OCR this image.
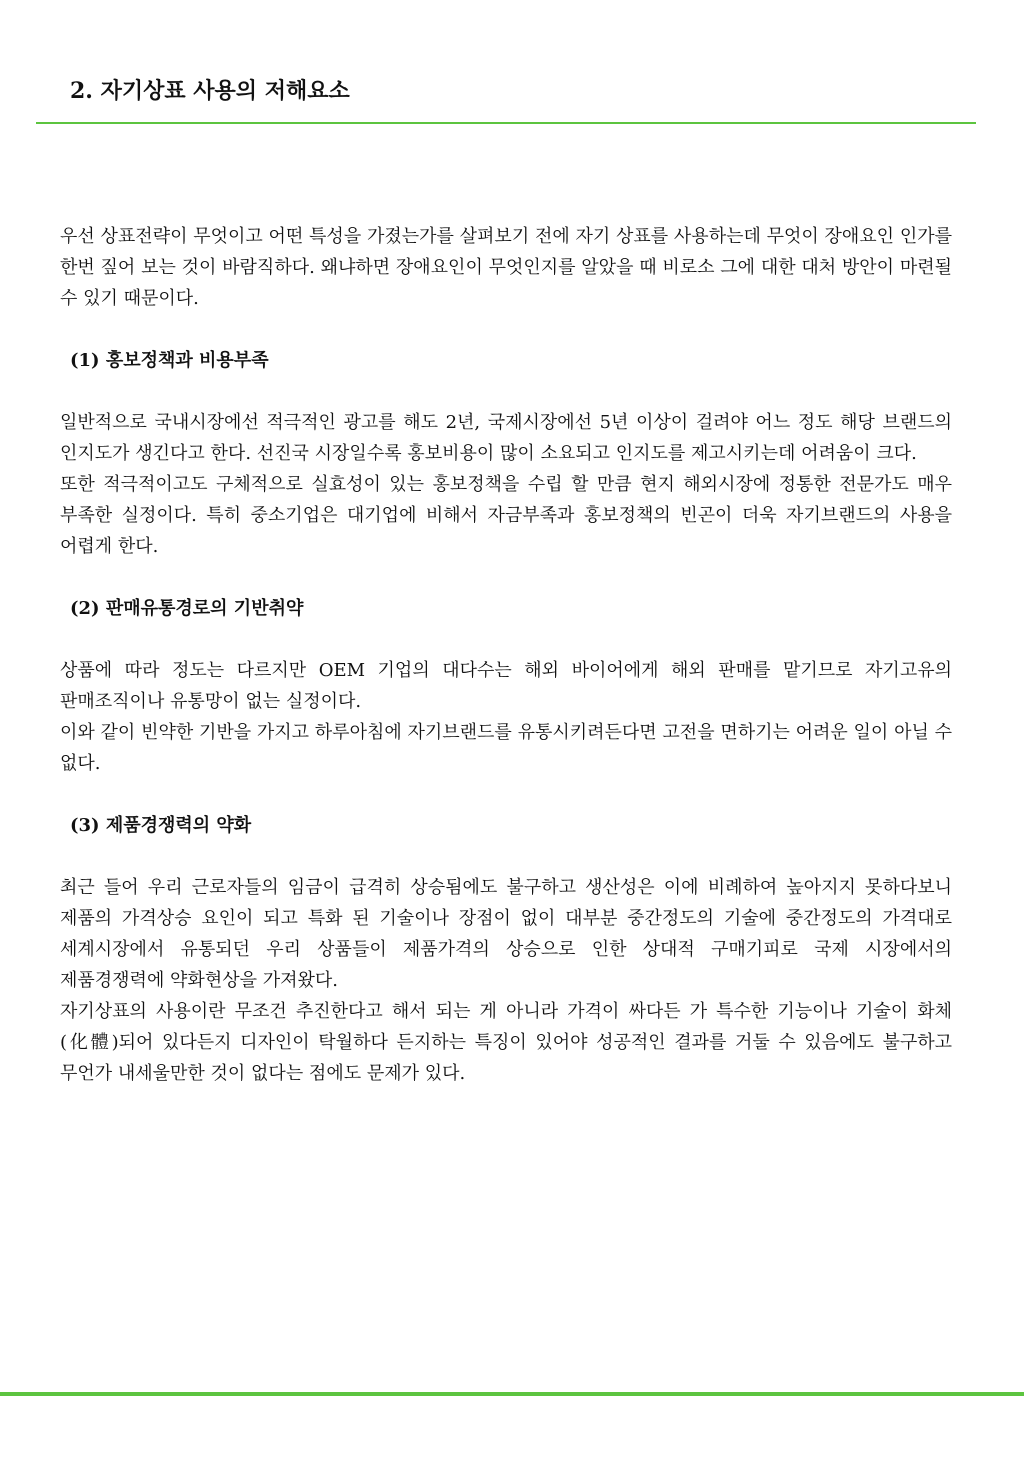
2. 자기상표 사용의 저해요소

우선 상표전략이 무엇이고 어떤 특성을 가졌는가를 살펴보기 전에 자기 상표를 사용하는데 무엇이 장애요인 인가를 한번 짚어 보는 것이 바람직하다. 왜냐하면 장애요인이 무엇인지를 알았을 때 비로소 그에 대한 대처 방안이 마련될 수 있기 때문이다.

(1) 홍보정책과 비용부족

일반적으로 국내시장에선 적극적인 광고를 해도 2년, 국제시장에선 5년 이상이 걸려야 어느 정도 해당 브랜드의 인지도가 생긴다고 한다. 선진국 시장일수록 홍보비용이 많이 소요되고 인지도를 제고시키는데 어려움이 크다.

또한 적극적이고도 구체적으로 실효성이 있는 홍보정책을 수립 할 만큼 현지 해외시장에 정통한 전문가도 매우 부족한 실정이다. 특히 중소기업은 대기업에 비해서 자금부족과 홍보정책의 빈곤이 더욱 자기브랜드의 사용을 어렵게 한다.

(2) 판매유통경로의 기반취약

상품에 따라 정도는 다르지만 OEM 기업의 대다수는 해외 바이어에게 해외 판매를 맡기므로 자기고유의 판매조직이나 유통망이 없는 실정이다.

이와 같이 빈약한 기반을 가지고 하루아침에 자기브랜드를 유통시키려든다면 고전을 면하기는 어려운 일이 아닐 수 없다.

(3) 제품경쟁력의 약화

최근 들어 우리 근로자들의 임금이 급격히 상승됨에도 불구하고 생산성은 이에 비례하여 높아지지 못하다보니 제품의 가격상승 요인이 되고 특화 된 기술이나 장점이 없이 대부분 중간정도의 기술에 중간정도의 가격대로 세계시장에서 유통되던 우리 상품들이 제품가격의 상승으로 인한 상대적 구매기피로 국제 시장에서의 제품경쟁력에 약화현상을 가져왔다.

자기상표의 사용이란 무조건 추진한다고 해서 되는 게 아니라 가격이 싸다든 가 특수한 기능이나 기술이 화체(化體)되어 있다든지 디자인이 탁월하다 든지하는 특징이 있어야 성공적인 결과를 거둘 수 있음에도 불구하고 무언가 내세울만한 것이 없다는 점에도 문제가 있다.
